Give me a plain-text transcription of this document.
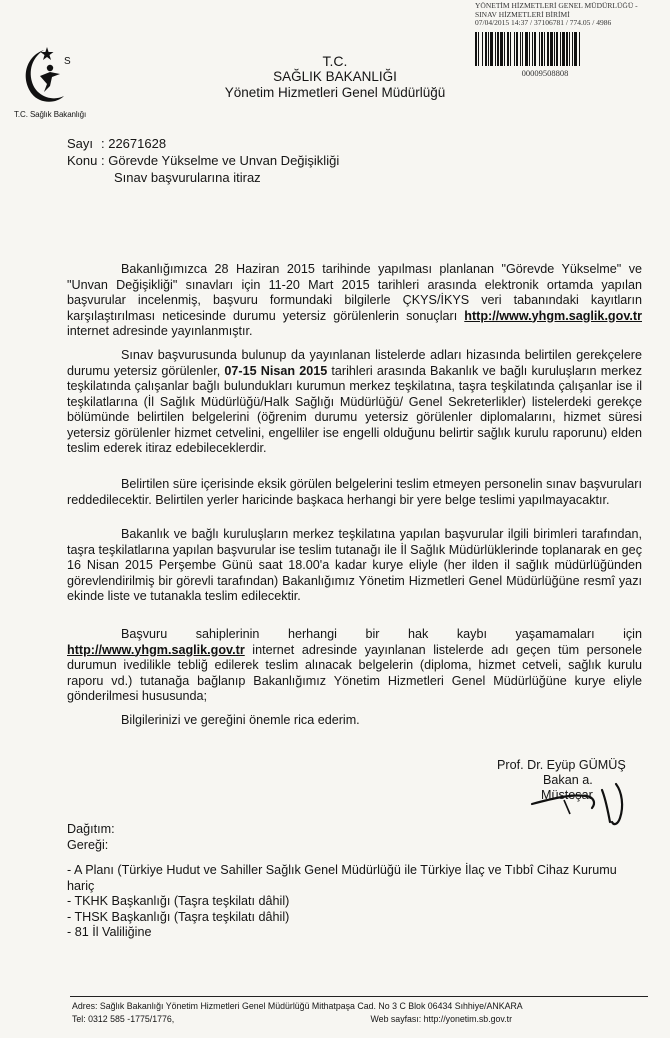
S
T.C. Sağlık Bakanlığı
T.C.
SAĞLIK BAKANLIĞI
Yönetim Hizmetleri Genel Müdürlüğü
YÖNETİM HİZMETLERİ GENEL MÜDÜRLÜĞÜ -
SINAV HİZMETLERİ BİRİMİ
07/04/2015 14:37 / 37106781 / 774.05 / 4986
00009508808
Sayı : 22671628
Konu : Görevde Yükselme ve Unvan Değişikliği
Sınav başvurularına itiraz
Bakanlığımızca 28 Haziran 2015 tarihinde yapılması planlanan "Görevde Yükselme" ve "Unvan Değişikliği" sınavları için 11-20 Mart 2015 tarihleri arasında elektronik ortamda yapılan başvurular incelenmiş, başvuru formundaki bilgilerle ÇKYS/İKYS veri tabanındaki kayıtların karşılaştırılması neticesinde durumu yetersiz görülenlerin sonuçları http://www.yhgm.saglik.gov.tr internet adresinde yayınlanmıştır.
Sınav başvurusunda bulunup da yayınlanan listelerde adları hizasında belirtilen gerekçelere durumu yetersiz görülenler, 07-15 Nisan 2015 tarihleri arasında Bakanlık ve bağlı kuruluşların merkez teşkilatında çalışanlar bağlı bulundukları kurumun merkez teşkilatına, taşra teşkilatında çalışanlar ise il teşkilatlarına (İl Sağlık Müdürlüğü/Halk Sağlığı Müdürlüğü/ Genel Sekreterlikler) listelerdeki gerekçe bölümünde belirtilen belgelerini (öğrenim durumu yetersiz görülenler diplomalarını, hizmet süresi yetersiz görülenler hizmet cetvelini, engelliler ise engelli olduğunu belirtir sağlık kurulu raporunu) elden teslim ederek itiraz edebileceklerdir.
Belirtilen süre içerisinde eksik görülen belgelerini teslim etmeyen personelin sınav başvuruları reddedilecektir. Belirtilen yerler haricinde başkaca herhangi bir yere belge teslimi yapılmayacaktır.
Bakanlık ve bağlı kuruluşların merkez teşkilatına yapılan başvurular ilgili birimleri tarafından, taşra teşkilatlarına yapılan başvurular ise teslim tutanağı ile İl Sağlık Müdürlüklerinde toplanarak en geç 16 Nisan 2015 Perşembe Günü saat 18.00'a kadar kurye eliyle (her ilden il sağlık müdürlüğünden görevlendirilmiş bir görevli tarafından) Bakanlığımız Yönetim Hizmetleri Genel Müdürlüğüne resmî yazı ekinde liste ve tutanakla teslim edilecektir.
Başvuru sahiplerinin herhangi bir hak kaybı yaşamamaları için http://www.yhgm.saglik.gov.tr internet adresinde yayınlanan listelerde adı geçen tüm personele durumun ivedilikle tebliğ edilerek teslim alınacak belgelerin (diploma, hizmet cetveli, sağlık kurulu raporu vd.) tutanağa bağlanıp Bakanlığımız Yönetim Hizmetleri Genel Müdürlüğüne kurye eliyle gönderilmesi hususunda;
Bilgilerinizi ve gereğini önemle rica ederim.
Prof. Dr. Eyüp GÜMÜŞ
Bakan a.
Müsteşar
Dağıtım:
Gereği:
- A Planı (Türkiye Hudut ve Sahiller Sağlık Genel Müdürlüğü ile Türkiye İlaç ve Tıbbî Cihaz Kurumu hariç
- TKHK Başkanlığı (Taşra teşkilatı dâhil)
- THSK Başkanlığı (Taşra teşkilatı dâhil)
- 81 İl Valiliğine
Adres: Sağlık Bakanlığı Yönetim Hizmetleri Genel Müdürlüğü Mithatpaşa Cad. No 3 C Blok 06434 Sıhhiye/ANKARA
Tel: 0312 585 -1775/1776,	Web sayfası: http://yonetim.sb.gov.tr
